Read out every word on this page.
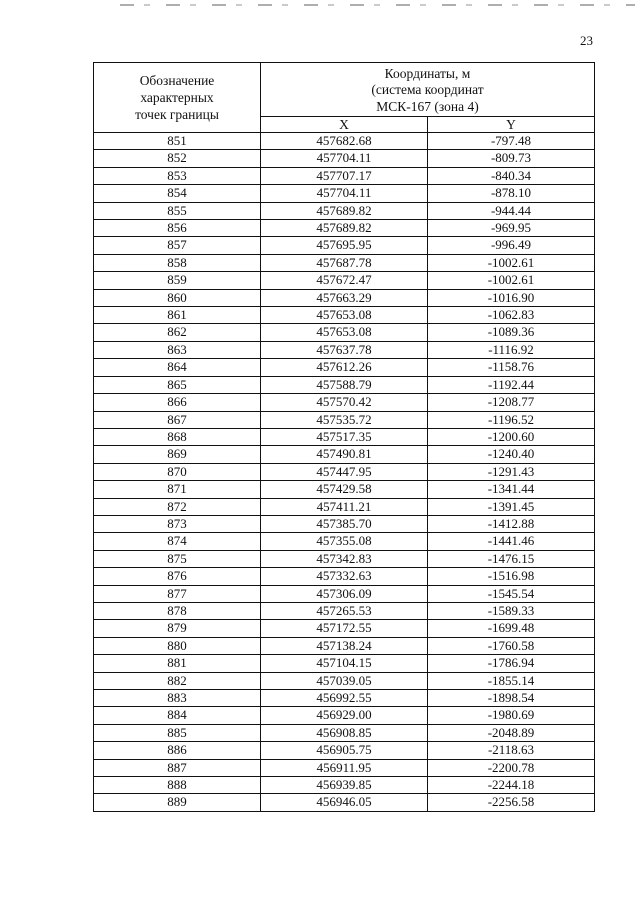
23
Обозначение
характерных
точек границы	Координаты, м
(система координат
МСК-167 (зона 4)	

	X	Y
851	457682.68	-797.48
852	457704.11	-809.73
853	457707.17	-840.34
854	457704.11	-878.10
855	457689.82	-944.44
856	457689.82	-969.95
857	457695.95	-996.49
858	457687.78	-1002.61
859	457672.47	-1002.61
860	457663.29	-1016.90
861	457653.08	-1062.83
862	457653.08	-1089.36
863	457637.78	-1116.92
864	457612.26	-1158.76
865	457588.79	-1192.44
866	457570.42	-1208.77
867	457535.72	-1196.52
868	457517.35	-1200.60
869	457490.81	-1240.40
870	457447.95	-1291.43
871	457429.58	-1341.44
872	457411.21	-1391.45
873	457385.70	-1412.88
874	457355.08	-1441.46
875	457342.83	-1476.15
876	457332.63	-1516.98
877	457306.09	-1545.54
878	457265.53	-1589.33
879	457172.55	-1699.48
880	457138.24	-1760.58
881	457104.15	-1786.94
882	457039.05	-1855.14
883	456992.55	-1898.54
884	456929.00	-1980.69
885	456908.85	-2048.89
886	456905.75	-2118.63
887	456911.95	-2200.78
888	456939.85	-2244.18
889	456946.05	-2256.58
